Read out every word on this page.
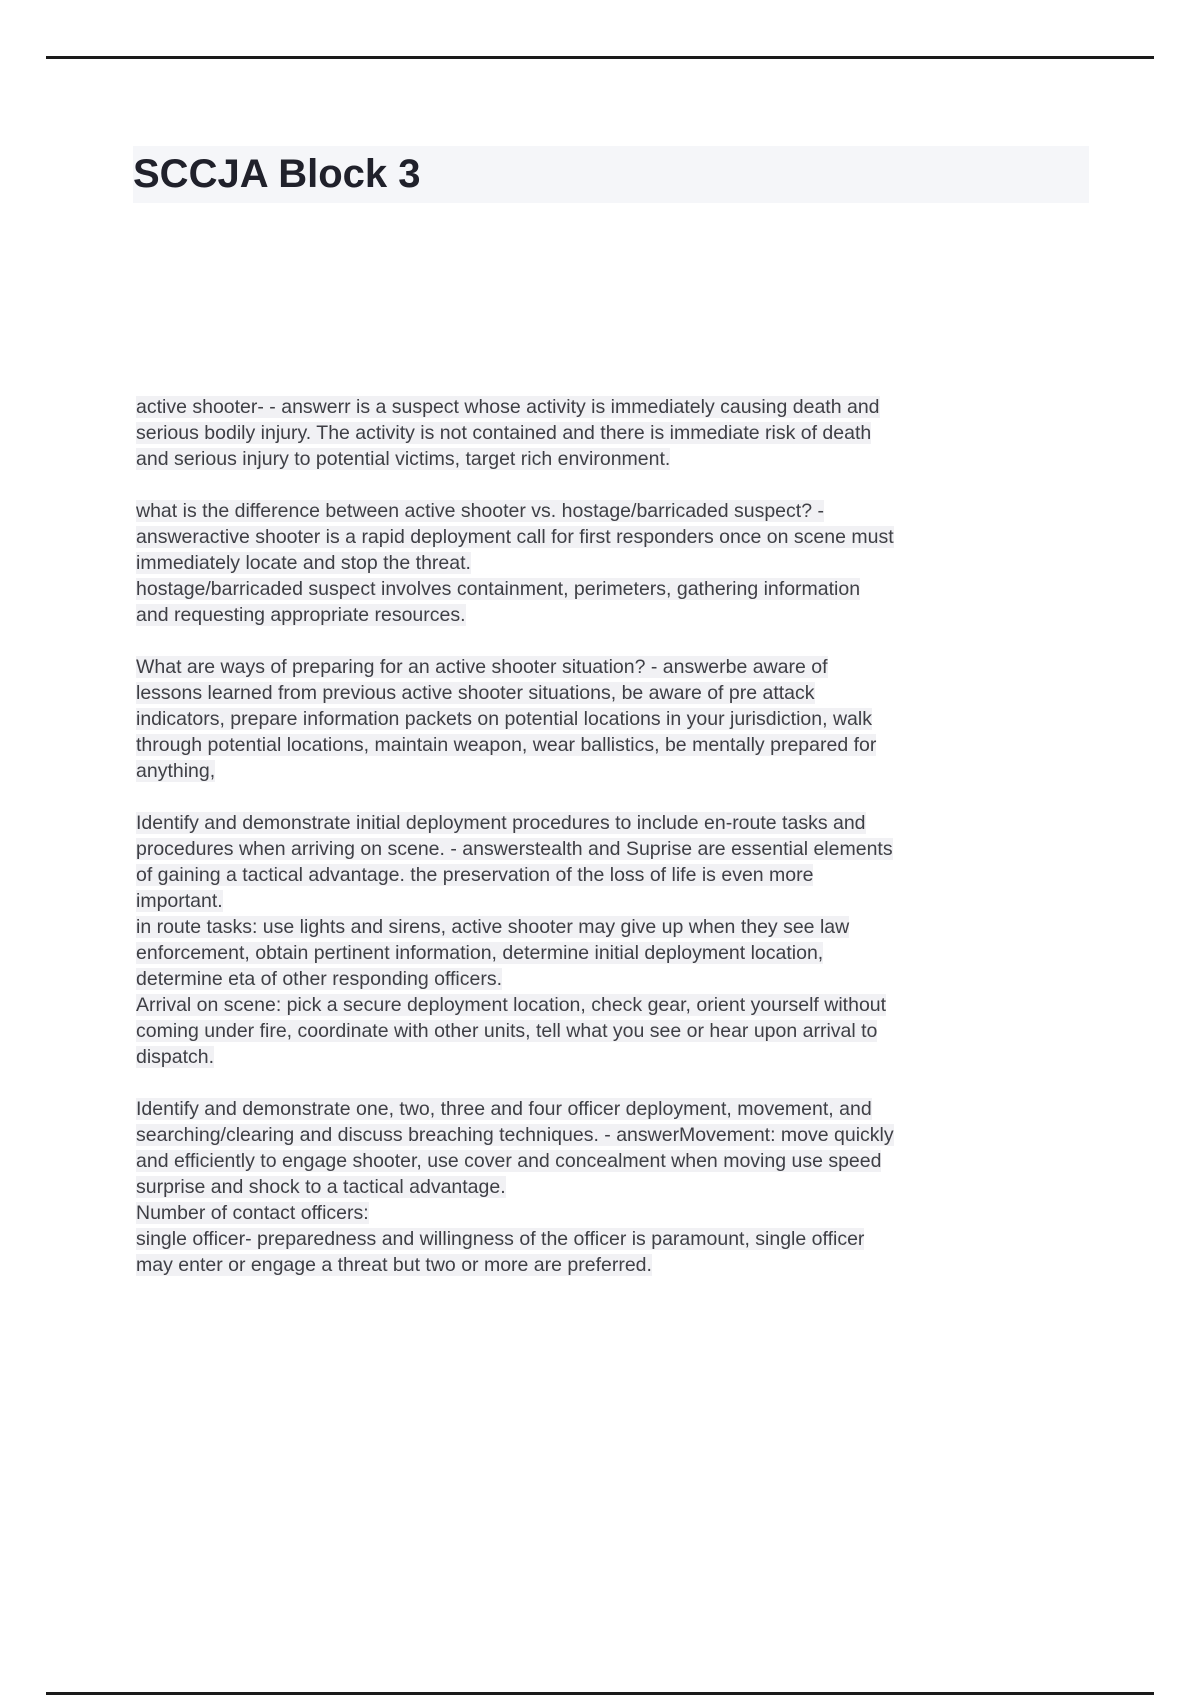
SCCJA Block 3
active shooter- - answerr is a suspect whose activity is immediately causing death and
serious bodily injury. The activity is not contained and there is immediate risk of death
and serious injury to potential victims, target rich environment.
what is the difference between active shooter vs. hostage/barricaded suspect? -
answeractive shooter is a rapid deployment call for first responders once on scene must
immediately locate and stop the threat.
hostage/barricaded suspect involves containment, perimeters, gathering information
and requesting appropriate resources.
What are ways of preparing for an active shooter situation? - answerbe aware of
lessons learned from previous active shooter situations, be aware of pre attack
indicators, prepare information packets on potential locations in your jurisdiction, walk
through potential locations, maintain weapon, wear ballistics, be mentally prepared for
anything,
Identify and demonstrate initial deployment procedures to include en-route tasks and
procedures when arriving on scene. - answerstealth and Suprise are essential elements
of gaining a tactical advantage. the preservation of the loss of life is even more
important.
in route tasks: use lights and sirens, active shooter may give up when they see law
enforcement, obtain pertinent information, determine initial deployment location,
determine eta of other responding officers.
Arrival on scene: pick a secure deployment location, check gear, orient yourself without
coming under fire, coordinate with other units, tell what you see or hear upon arrival to
dispatch.
Identify and demonstrate one, two, three and four officer deployment, movement, and
searching/clearing and discuss breaching techniques. - answerMovement: move quickly
and efficiently to engage shooter, use cover and concealment when moving use speed
surprise and shock to a tactical advantage.
Number of contact officers:
single officer- preparedness and willingness of the officer is paramount, single officer
may enter or engage a threat but two or more are preferred.
